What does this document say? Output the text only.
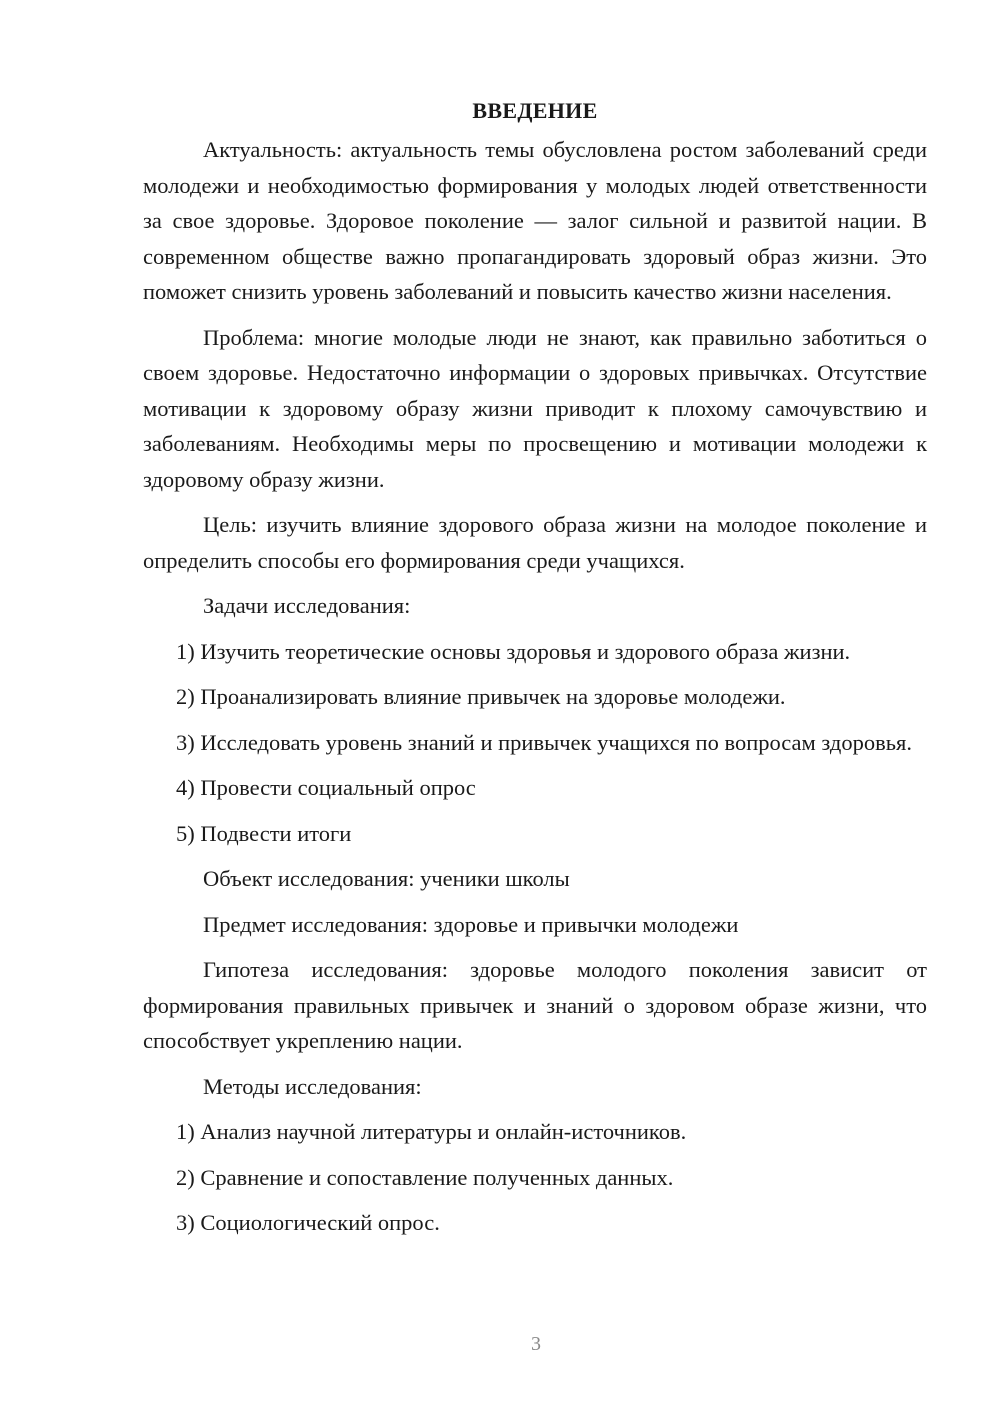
ВВЕДЕНИЕ

Актуальность: актуальность темы обусловлена ростом заболеваний среди молодежи и необходимостью формирования у молодых людей ответственности за свое здоровье. Здоровое поколение — залог сильной и развитой нации. В современном обществе важно пропагандировать здоровый образ жизни. Это поможет снизить уровень заболеваний и повысить качество жизни населения.

Проблема: многие молодые люди не знают, как правильно заботиться о своем здоровье. Недостаточно информации о здоровых привычках. Отсутствие мотивации к здоровому образу жизни приводит к плохому самочувствию и заболеваниям. Необходимы меры по просвещению и мотивации молодежи к здоровому образу жизни.

Цель: изучить влияние здорового образа жизни на молодое поколение и определить способы его формирования среди учащихся.

Задачи исследования:

1) Изучить теоретические основы здоровья и здорового образа жизни.

2) Проанализировать влияние привычек на здоровье молодежи.

3) Исследовать уровень знаний и привычек учащихся по вопросам здоровья.

4) Провести социальный опрос

5) Подвести итоги

Объект исследования: ученики школы

Предмет исследования: здоровье и привычки молодежи

Гипотеза исследования: здоровье молодого поколения зависит от формирования правильных привычек и знаний о здоровом образе жизни, что способствует укреплению нации.

Методы исследования:

1) Анализ научной литературы и онлайн-источников.

2) Сравнение и сопоставление полученных данных.

3) Социологический опрос.

3
